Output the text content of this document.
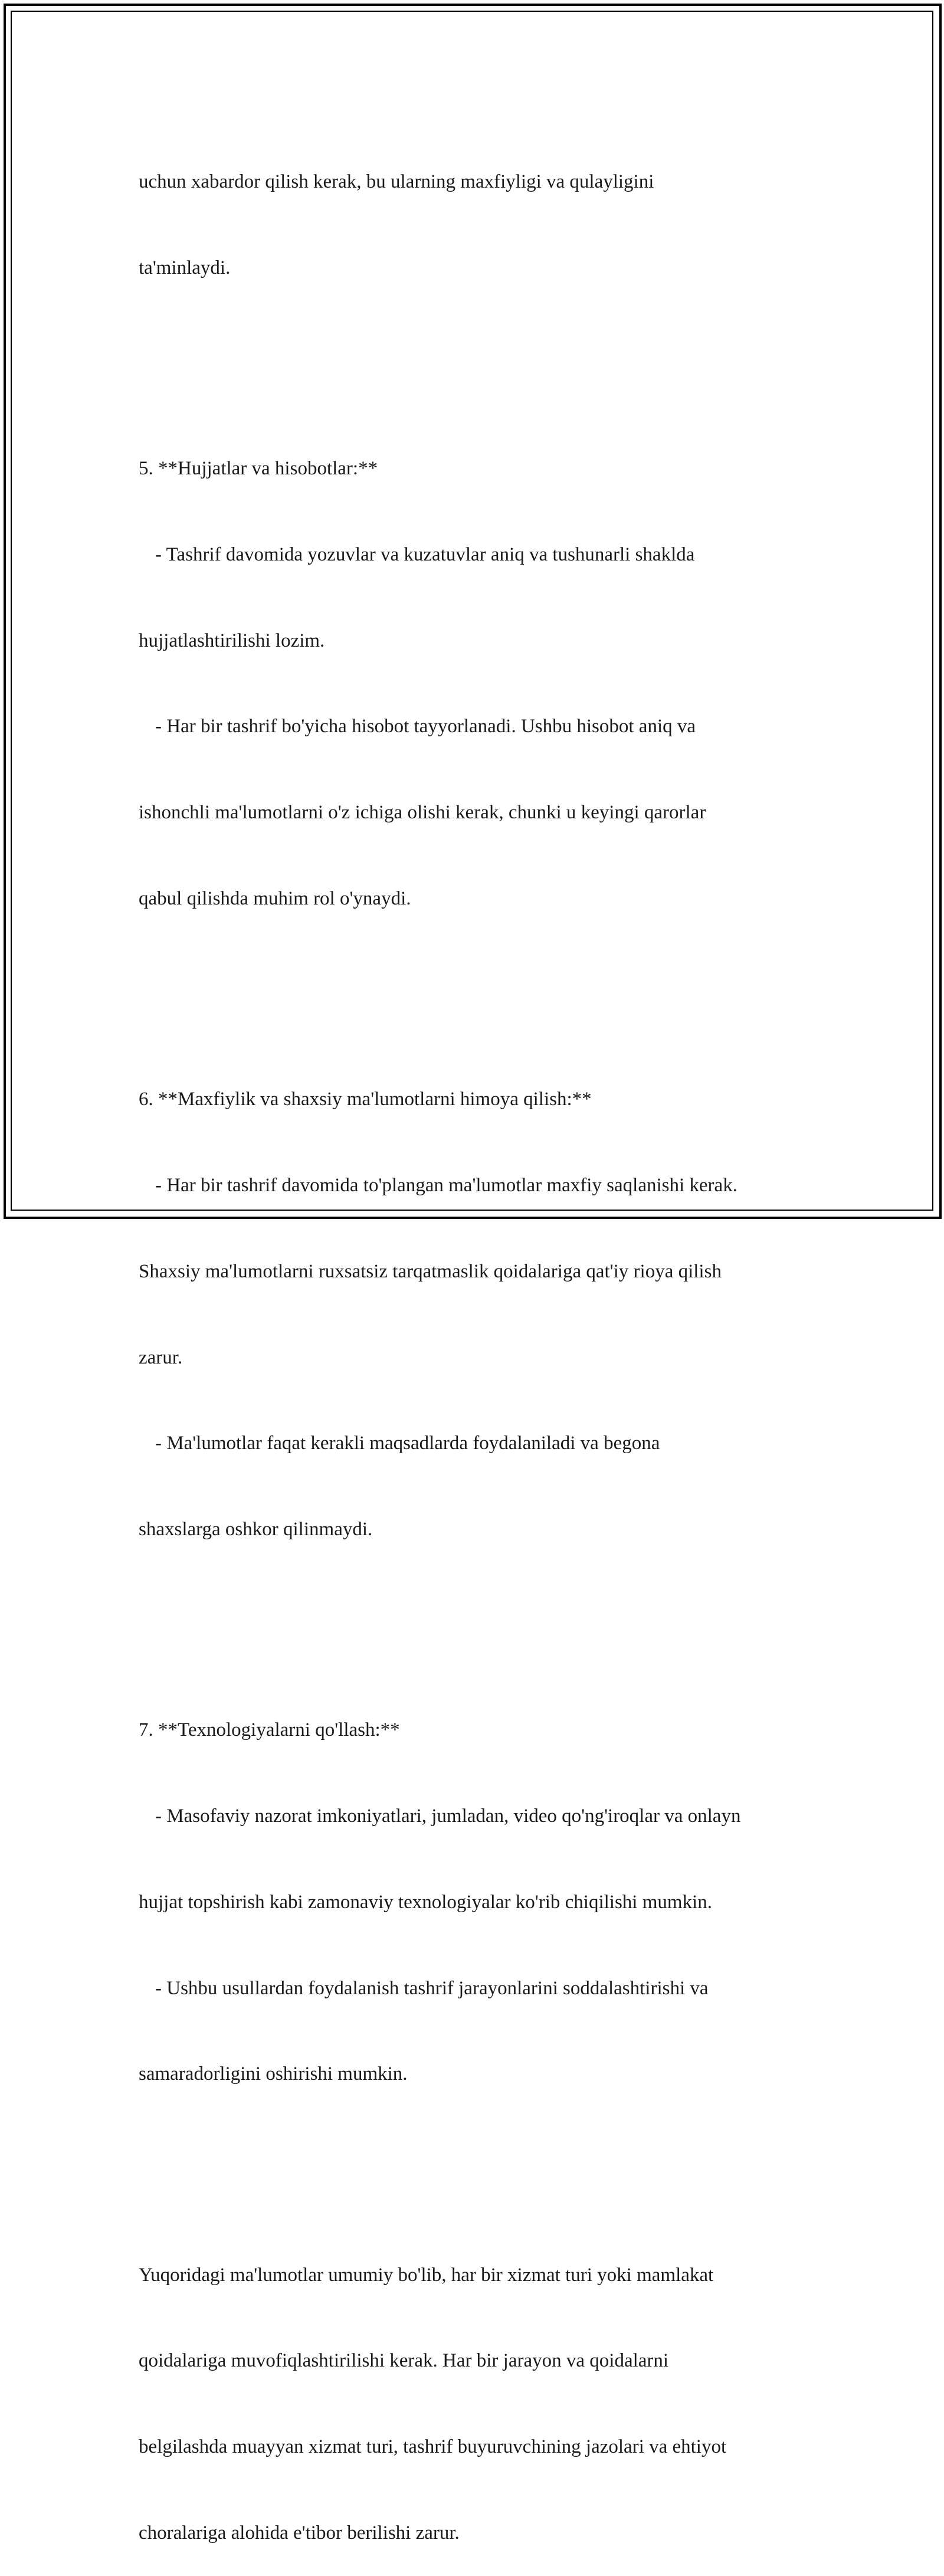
uchun xabardor qilish kerak, bu ularning maxfiyligi va qulayligini

ta'minlaydi.

5. **Hujjatlar va hisobotlar:**

- Tashrif davomida yozuvlar va kuzatuvlar aniq va tushunarli shaklda

hujjatlashtirilishi lozim.

- Har bir tashrif bo'yicha hisobot tayyorlanadi. Ushbu hisobot aniq va

ishonchli ma'lumotlarni o'z ichiga olishi kerak, chunki u keyingi qarorlar

qabul qilishda muhim rol o'ynaydi.

6. **Maxfiylik va shaxsiy ma'lumotlarni himoya qilish:**

- Har bir tashrif davomida to'plangan ma'lumotlar maxfiy saqlanishi kerak.

Shaxsiy ma'lumotlarni ruxsatsiz tarqatmaslik qoidalariga qat'iy rioya qilish

zarur.

- Ma'lumotlar faqat kerakli maqsadlarda foydalaniladi va begona

shaxslarga oshkor qilinmaydi.

7. **Texnologiyalarni qo'llash:**

- Masofaviy nazorat imkoniyatlari, jumladan, video qo'ng'iroqlar va onlayn

hujjat topshirish kabi zamonaviy texnologiyalar ko'rib chiqilishi mumkin.

- Ushbu usullardan foydalanish tashrif jarayonlarini soddalashtirishi va

samaradorligini oshirishi mumkin.

Yuqoridagi ma'lumotlar umumiy bo'lib, har bir xizmat turi yoki mamlakat

qoidalariga muvofiqlashtirilishi kerak. Har bir jarayon va qoidalarni

belgilashda muayyan xizmat turi, tashrif buyuruvchining jazolari va ehtiyot

choralariga alohida e'tibor berilishi zarur.
